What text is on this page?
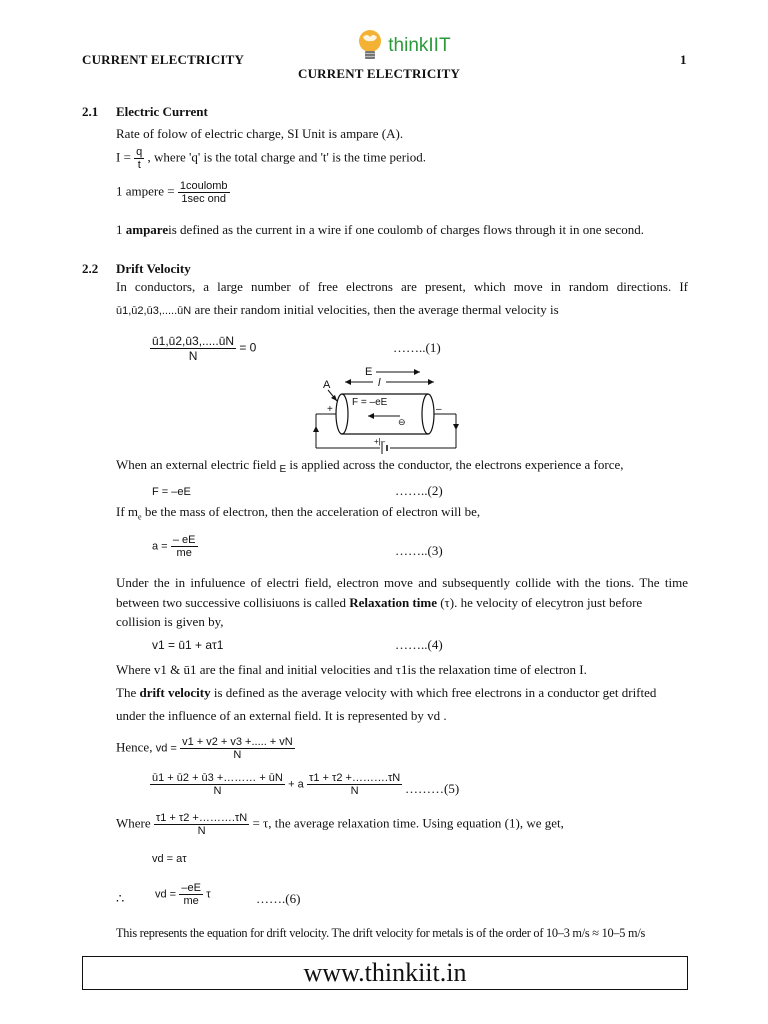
CURRENT ELECTRICITY
thinkIIT
1
CURRENT ELECTRICITY
2.1 Electric Current
Rate of folow of electric charge, SI Unit is ampare (A).
$I = \frac{q}{t}$ , where 'q' is the total charge and 't' is the time period.
1 ampere = $\frac{\text{1coulomb}}{\text{1sec ond}}$
1 ampareis defined as the current in a wire if one coulomb of charges flows through it in one second.
2.2 Drift Velocity
In conductors, a large number of free electrons are present, which move in random directions. If
ū1,ū2,ū3,.....ūN are their random initial velocities, then the average thermal velocity is
$\frac{ū1,ū2,ū3,.....ūN}{N} = 0$	……..(1)
E
l
A
+	–
F = –eE
⊖
+|–
When an external electric field $_E$ is applied across the conductor, the electrons experience a force,
F = –eE	……..(2)
If $m_e$ be the mass of electron, then the acceleration of electron will be,
$a = \frac{- eE}{me}$	……..(3)
Under the in infuluence of electri field, electron move and subsequently collide with the tions. The time
between two successive collisiuons is called Relaxation time (τ). he velocity of elecytron just before
collision is given by,
v1 = ū1 + aτ1	……..(4)
Where v1 & ū1 are the final and initial velocities and τ1is the relaxation time of electron I.
The drift velocity is defined as the average velocity with which free electrons in a conductor get drifted
under the influence of an external field. It is represented by vd .
Hence, vd = $\frac{v1 + v2 + v3 +..... + vN}{N}$
$\frac{ū1 + ū2 + ū3 +\dots\dots\dots + ūN}{N} + a \frac{\tau 1 + \tau 2 +\dots\dots\dots.\tau N}{N}$ ………(5)
Where $\frac{\tau 1 + \tau 2 +\dots\dots\dots.\tau N}{N} = \tau$, the average relaxation time. Using equation (1), we get,
vd = aτ
∴	vd = $\frac{-eE}{me}$ τ	…….(6)
This represents the equation for drift velocity. The drift velocity for metals is of the order of 10–3 m/s ≈ 10–5 m/s
www.thinkiit.in
